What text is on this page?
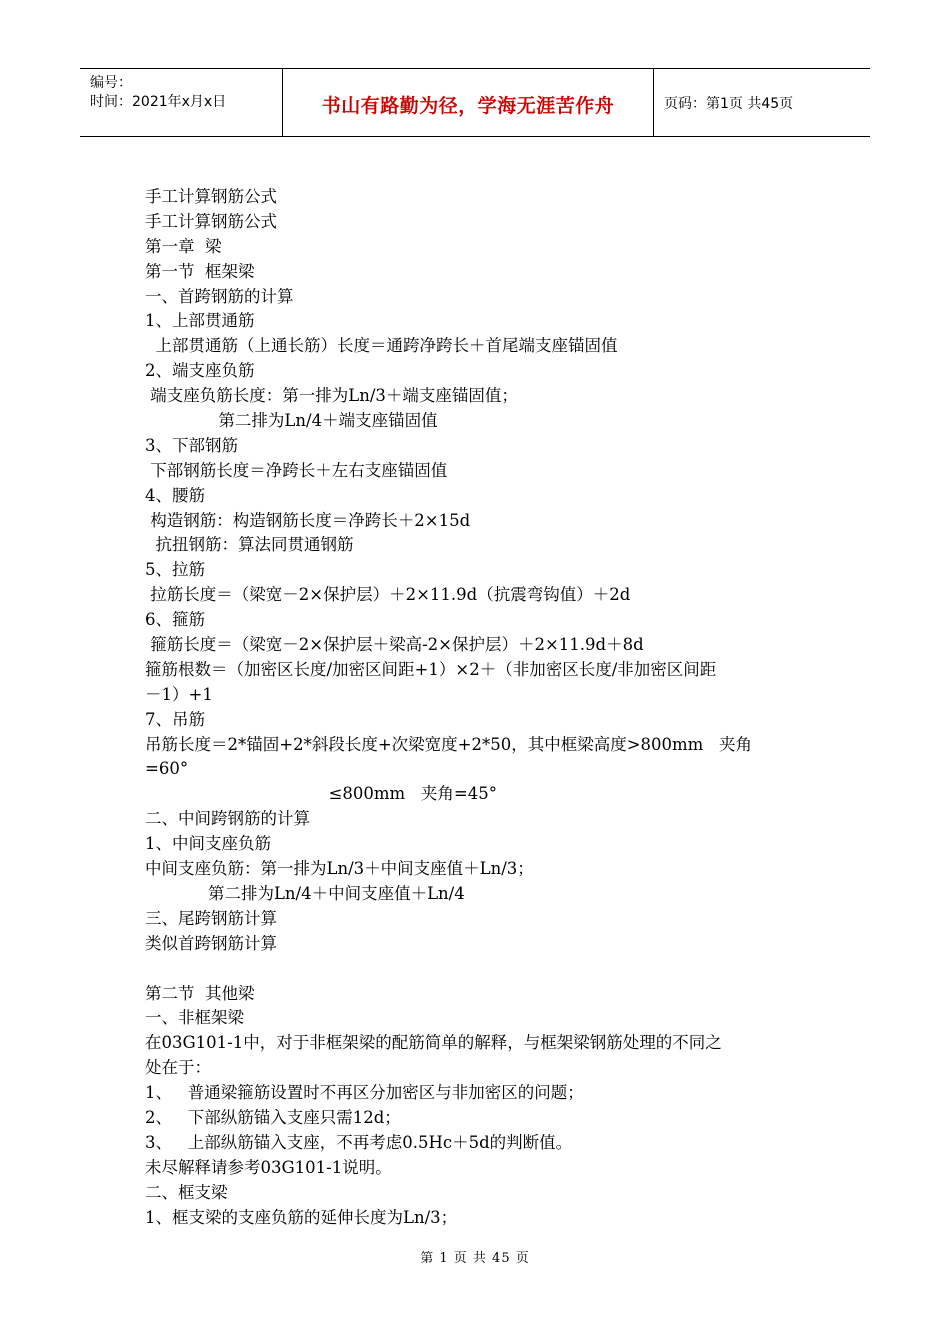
编号：
时间：2021年x月x日	书山有路勤为径，学海无涯苦作舟	页码：第1页 共45页
手工计算钢筋公式
手工计算钢筋公式
第一章  梁
第一节  框架梁
一、首跨钢筋的计算
1、上部贯通筋
上部贯通筋（上通长筋）长度＝通跨净跨长＋首尾端支座锚固值
2、端支座负筋
端支座负筋长度：第一排为Ln/3＋端支座锚固值；
第二排为Ln/4＋端支座锚固值
3、下部钢筋
下部钢筋长度＝净跨长＋左右支座锚固值
4、腰筋
构造钢筋：构造钢筋长度＝净跨长＋2×15d
抗扭钢筋：算法同贯通钢筋
5、拉筋
拉筋长度＝（梁宽－2×保护层）＋2×11.9d（抗震弯钩值）＋2d
6、箍筋
箍筋长度＝（梁宽－2×保护层＋梁高-2×保护层）＋2×11.9d＋8d
箍筋根数＝（加密区长度/加密区间距+1）×2＋（非加密区长度/非加密区间距
－1）+1
7、吊筋
吊筋长度＝2*锚固+2*斜段长度+次梁宽度+2*50，其中框梁高度>800mm   夹角
=60°
≤800mm   夹角=45°
二、中间跨钢筋的计算
1、中间支座负筋
中间支座负筋：第一排为Ln/3＋中间支座值＋Ln/3；
第二排为Ln/4＋中间支座值＋Ln/4
三、尾跨钢筋计算
类似首跨钢筋计算
第二节  其他梁
一、非框架梁
在03G101-1中，对于非框架梁的配筋简单的解释，与框架梁钢筋处理的不同之
处在于：
1、   普通梁箍筋设置时不再区分加密区与非加密区的问题；
2、   下部纵筋锚入支座只需12d；
3、   上部纵筋锚入支座，不再考虑0.5Hc＋5d的判断值。
未尽解释请参考03G101-1说明。
二、框支梁
1、框支梁的支座负筋的延伸长度为Ln/3；
第 1 页 共 45 页
